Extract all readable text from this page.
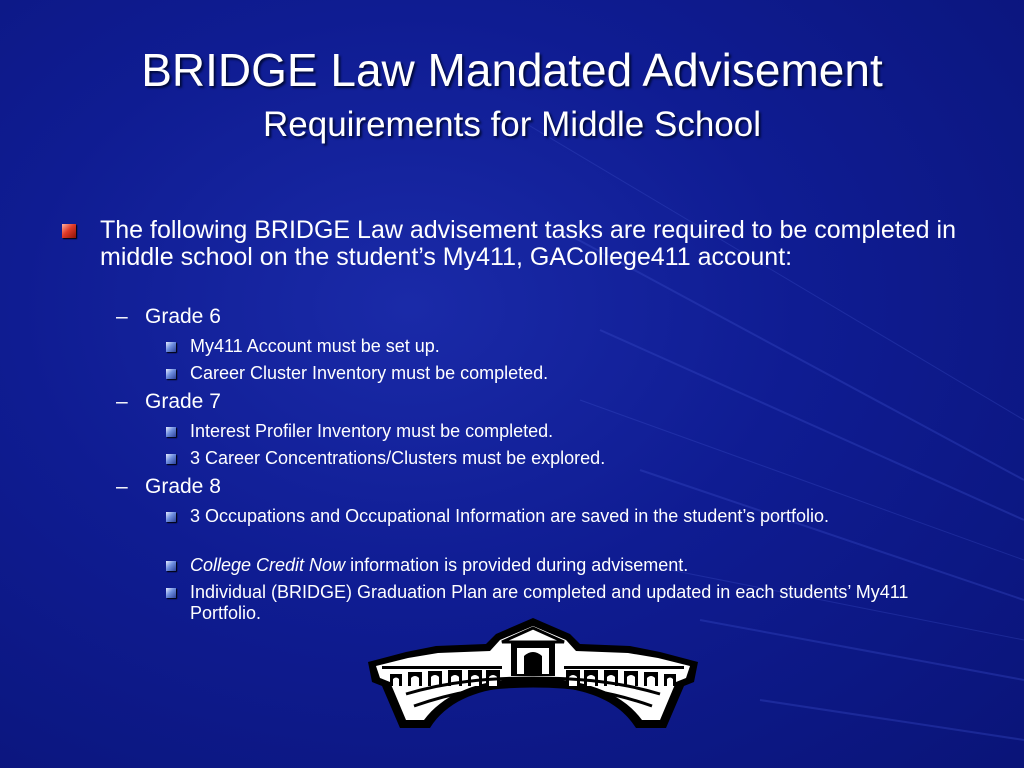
BRIDGE Law Mandated Advisement
Requirements for Middle School
The following BRIDGE Law advisement tasks are required to be completed in middle school on the student’s My411, GACollege411 account:
– Grade 6
My411 Account must be set up.
Career Cluster Inventory must be completed.
– Grade 7
Interest Profiler Inventory must be completed.
3 Career Concentrations/Clusters must be explored.
– Grade 8
3 Occupations and Occupational Information are saved in the student’s portfolio.
College Credit Now information is provided during advisement.
Individual (BRIDGE) Graduation Plan are completed and updated in each students’ My411 Portfolio.
